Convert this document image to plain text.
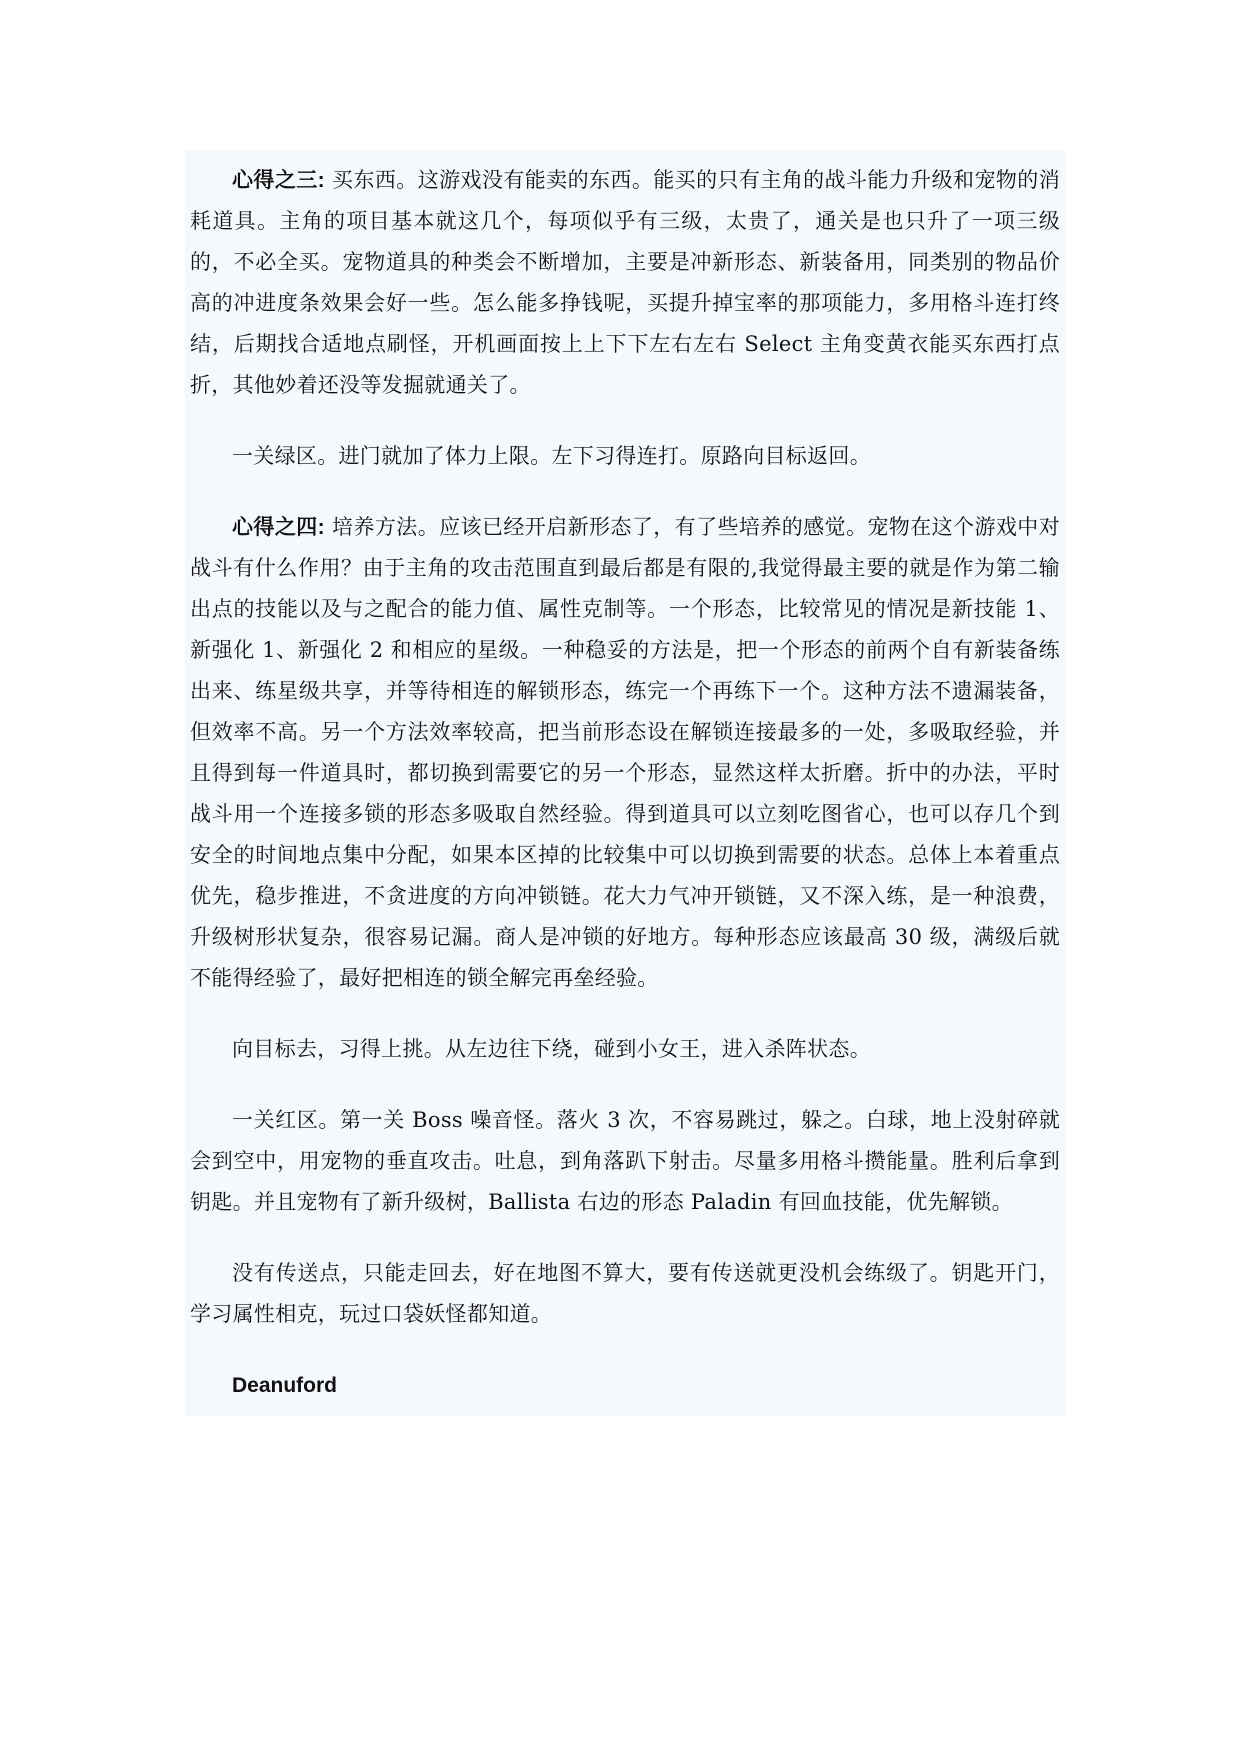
心得之三: 买东西。这游戏没有能卖的东西。能买的只有主角的战斗能力升级和宠物的消耗道具。主角的项目基本就这几个，每项似乎有三级，太贵了，通关是也只升了一项三级的，不必全买。宠物道具的种类会不断增加，主要是冲新形态、新装备用，同类别的物品价高的冲进度条效果会好一些。怎么能多挣钱呢，买提升掉宝率的那项能力，多用格斗连打终结，后期找合适地点刷怪，开机画面按上上下下左右左右 Select 主角变黄衣能买东西打点折，其他妙着还没等发掘就通关了。

一关绿区。进门就加了体力上限。左下习得连打。原路向目标返回。

心得之四: 培养方法。应该已经开启新形态了，有了些培养的感觉。宠物在这个游戏中对战斗有什么作用？由于主角的攻击范围直到最后都是有限的,我觉得最主要的就是作为第二输出点的技能以及与之配合的能力值、属性克制等。一个形态，比较常见的情况是新技能 1、新强化 1、新强化 2 和相应的星级。一种稳妥的方法是，把一个形态的前两个自有新装备练出来、练星级共享，并等待相连的解锁形态，练完一个再练下一个。这种方法不遗漏装备，但效率不高。另一个方法效率较高，把当前形态设在解锁连接最多的一处，多吸取经验，并且得到每一件道具时，都切换到需要它的另一个形态，显然这样太折磨。折中的办法，平时战斗用一个连接多锁的形态多吸取自然经验。得到道具可以立刻吃图省心，也可以存几个到安全的时间地点集中分配，如果本区掉的比较集中可以切换到需要的状态。总体上本着重点优先，稳步推进，不贪进度的方向冲锁链。花大力气冲开锁链，又不深入练，是一种浪费，升级树形状复杂，很容易记漏。商人是冲锁的好地方。每种形态应该最高 30 级，满级后就不能得经验了，最好把相连的锁全解完再垒经验。

向目标去，习得上挑。从左边往下绕，碰到小女王，进入杀阵状态。

一关红区。第一关 Boss 噪音怪。落火 3 次，不容易跳过，躲之。白球，地上没射碎就会到空中，用宠物的垂直攻击。吐息，到角落趴下射击。尽量多用格斗攒能量。胜利后拿到钥匙。并且宠物有了新升级树，Ballista 右边的形态 Paladin 有回血技能，优先解锁。

没有传送点，只能走回去，好在地图不算大，要有传送就更没机会练级了。钥匙开门，学习属性相克，玩过口袋妖怪都知道。

Deanuford
